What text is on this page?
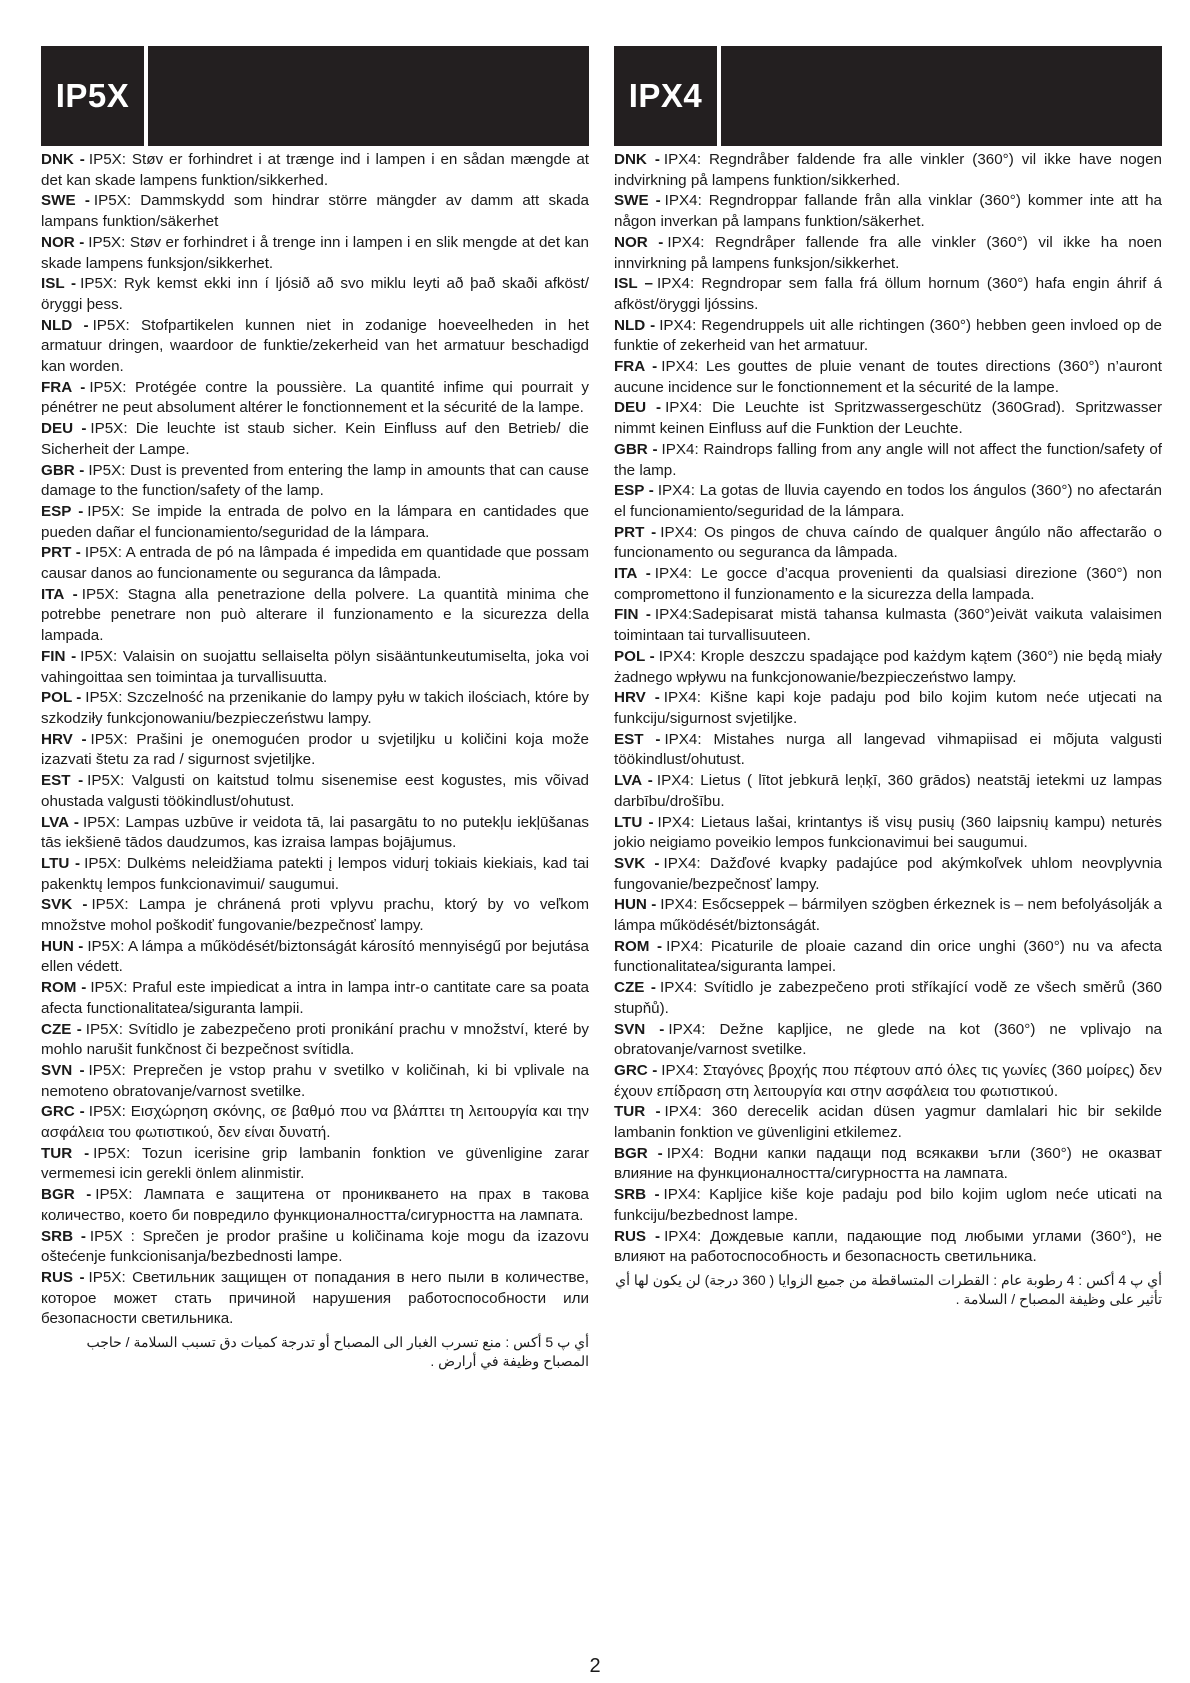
IP5X

DNK - IP5X: Støv er forhindret i at trænge ind i lampen i en sådan mængde at det kan skade lampens funktion/sikkerhed.

SWE - IP5X: Dammskydd som hindrar större mängder av damm att skada lampans funktion/säkerhet

NOR - IP5X: Støv er forhindret i å trenge inn i lampen i en slik mengde at det kan skade lampens funksjon/sikkerhet.

ISL - IP5X: Ryk kemst ekki inn í ljósið að svo miklu leyti að það skaði afköst/öryggi þess.

NLD - IP5X: Stofpartikelen kunnen niet in zodanige hoeveelheden in het armatuur dringen, waardoor de funktie/zekerheid van het armatuur beschadigd kan worden.

FRA - IP5X: Protégée contre la poussière. La quantité infime qui pourrait y pénétrer ne peut absolument altérer le fonctionnement et la sécurité de la lampe.

DEU - IP5X: Die leuchte ist staub sicher. Kein Einfluss auf den Betrieb/ die Sicherheit der Lampe.

GBR - IP5X: Dust is prevented from entering the lamp in amounts that can cause damage to the function/safety of the lamp.

ESP - IP5X: Se impide la entrada de polvo en la lámpara en cantidades que pueden dañar el funcionamiento/seguridad de la lámpara.

PRT - IP5X: A entrada de pó na lâmpada é impedida em quantidade que possam causar danos ao funcionamente ou seguranca da lâmpada.

ITA - IP5X: Stagna alla penetrazione della polvere. La quantità minima che potrebbe penetrare non può alterare il funzionamento e la sicurezza della lampada.

FIN - IP5X: Valaisin on suojattu sellaiselta pölyn sisääntunkeutumiselta, joka voi vahingoittaa sen toimintaa ja turvallisuutta.

POL - IP5X: Szczelność na przenikanie do lampy pyłu w takich ilościach, które by szkodziły funkcjonowaniu/bezpieczeństwu lampy.

HRV - IP5X: Prašini je onemogućen prodor u svjetiljku u količini koja može izazvati štetu za rad / sigurnost svjetiljke.

EST - IP5X: Valgusti on kaitstud tolmu sisenemise eest kogustes, mis võivad ohustada valgusti töökindlust/ohutust.

LVA - IP5X: Lampas uzbūve ir veidota tā, lai pasargātu to no putekļu iekļūšanas tās iekšienē tādos daudzumos, kas izraisa lampas bojājumus.

LTU - IP5X: Dulkėms neleidžiama patekti į lempos vidurį tokiais kiekiais, kad tai pakenktų lempos funkcionavimui/ saugumui.

SVK - IP5X: Lampa je chránená proti vplyvu prachu, ktorý by vo veľkom množstve mohol poškodiť fungovanie/bezpečnosť lampy.

HUN - IP5X: A lámpa a működését/biztonságát károsító mennyiségű por bejutása ellen védett.

ROM - IP5X: Praful este impiedicat a intra in lampa intr-o cantitate care sa poata afecta functionalitatea/siguranta lampii.

CZE - IP5X: Svítidlo je zabezpečeno proti pronikání prachu v množství, které by mohlo narušit funkčnost či bezpečnost svítidla.

SVN - IP5X: Preprečen je vstop prahu v svetilko v količinah, ki bi vplivale na nemoteno obratovanje/varnost svetilke.

GRC - IP5X: Εισχώρηση σκόνης, σε βαθμό που να βλάπτει τη λειτουργία και την ασφάλεια του φωτιστικού, δεν είναι δυνατή.

TUR - IP5X: Tozun icerisine grip lambanin fonktion ve güvenligine zarar vermemesi icin gerekli önlem alinmistir.

BGR - IP5X: Лампата е защитена от проникването на прах в такова количество, което би повредило функционалността/сигурността на лампата.

SRB - IP5X : Sprečen je prodor prašine u količinama koje mogu da izazovu oštećenje funkcionisanja/bezbednosti lampe.

RUS - IP5X: Светильник защищен от попадания в него пыли в количестве, которое может стать причиной нарушения работоспособности или безопасности светильника.

أي پ 5 أكس : منع تسرب الغبار الى المصباح أو تدرجة كميات دق تسبب السلامة / حاجب المصباح وظيفة في أرارض .
IPX4

DNK - IPX4: Regndråber faldende fra alle vinkler (360°) vil ikke have nogen indvirkning på lampens funktion/sikkerhed.

SWE - IPX4: Regndroppar fallande från alla vinklar (360°) kommer inte att ha någon inverkan på lampans funktion/säkerhet.

NOR - IPX4: Regndråper fallende fra alle vinkler (360°) vil ikke ha noen innvirkning på lampens funksjon/sikkerhet.

ISL – IPX4: Regndropar sem falla frá öllum hornum (360°) hafa engin áhrif á afköst/öryggi ljóssins.

NLD - IPX4: Regendruppels uit alle richtingen (360°) hebben geen invloed op de funktie of zekerheid van het armatuur.

FRA - IPX4: Les gouttes de pluie venant de toutes directions (360°) n’auront aucune incidence sur le fonctionnement et la sécurité de la lampe.

DEU - IPX4: Die Leuchte ist Spritzwassergeschütz (360Grad). Spritzwasser nimmt keinen Einfluss auf die Funktion der Leuchte.

GBR - IPX4: Raindrops falling from any angle will not affect the function/safety of the lamp.

ESP - IPX4: La gotas de lluvia cayendo en todos los ángulos (360°) no afectarán el funcionamiento/seguridad de la lámpara.

PRT - IPX4: Os pingos de chuva caíndo de qualquer ângúlo não affectarão o funcionamento ou seguranca da lâmpada.

ITA - IPX4: Le gocce d’acqua provenienti da qualsiasi direzione (360°) non compromettono il funzionamento e la sicurezza della lampada.

FIN - IPX4:Sadepisarat mistä tahansa kulmasta (360°)eivät vaikuta valaisimen toimintaan tai turvallisuuteen.

POL - IPX4: Krople deszczu spadające pod każdym kątem (360°) nie będą miały żadnego wpływu na funkcjonowanie/bezpieczeństwo lampy.

HRV - IPX4: Kišne kapi koje padaju pod bilo kojim kutom neće utjecati na funkciju/sigurnost svjetiljke.

EST - IPX4: Mistahes nurga all langevad vihmapiisad ei mõjuta valgusti töökindlust/ohutust.

LVA - IPX4: Lietus ( lītot jebkurā leņķī, 360 grādos) neatstāj ietekmi uz lampas darbību/drošību.

LTU - IPX4: Lietaus lašai, krintantys iš visų pusių (360 laipsnių kampu) neturės jokio neigiamo poveikio lempos funkcionavimui bei saugumui.

SVK - IPX4: Dažďové kvapky padajúce pod akýmkoľvek uhlom neovplyvnia fungovanie/bezpečnosť lampy.

HUN - IPX4: Esőcseppek – bármilyen szögben érkeznek is – nem befolyásolják a lámpa működését/biztonságát.

ROM - IPX4: Picaturile de ploaie cazand din orice unghi (360°) nu va afecta functionalitatea/siguranta lampei.

CZE - IPX4: Svítidlo je zabezpečeno proti stříkající vodě ze všech směrů (360 stupňů).

SVN - IPX4: Dežne kapljice, ne glede na kot (360°) ne vplivajo na obratovanje/varnost svetilke.

GRC - IPX4: Σταγόνες βροχής που πέφτουν από όλες τις γωνίες (360 μοίρες) δεν έχουν επίδραση στη λειτουργία και στην ασφάλεια του φωτιστικού.

TUR - IPX4: 360 derecelik acidan düsen yagmur damlalari hic bir sekilde lambanin fonktion ve güvenligini etkilemez.

BGR - IPX4: Водни капки падащи под всякакви ъгли (360°) не оказват влияние на функционалността/сигурността на лампата.

SRB - IPX4: Kapljice kiše koje padaju pod bilo kojim uglom neće uticati na funkciju/bezbednost lampe.

RUS - IPX4: Дождевые капли, падающие под любыми углами (360°), не влияют на работоспособность и безопасность светильника.

أي پ 4 أكس : 4 رطوبة عام : القطرات المتساقطة من جميع الزوايا ( 360 درجة) لن يكون لها أي تأثير على وظيفة المصباح / السلامة .
2
